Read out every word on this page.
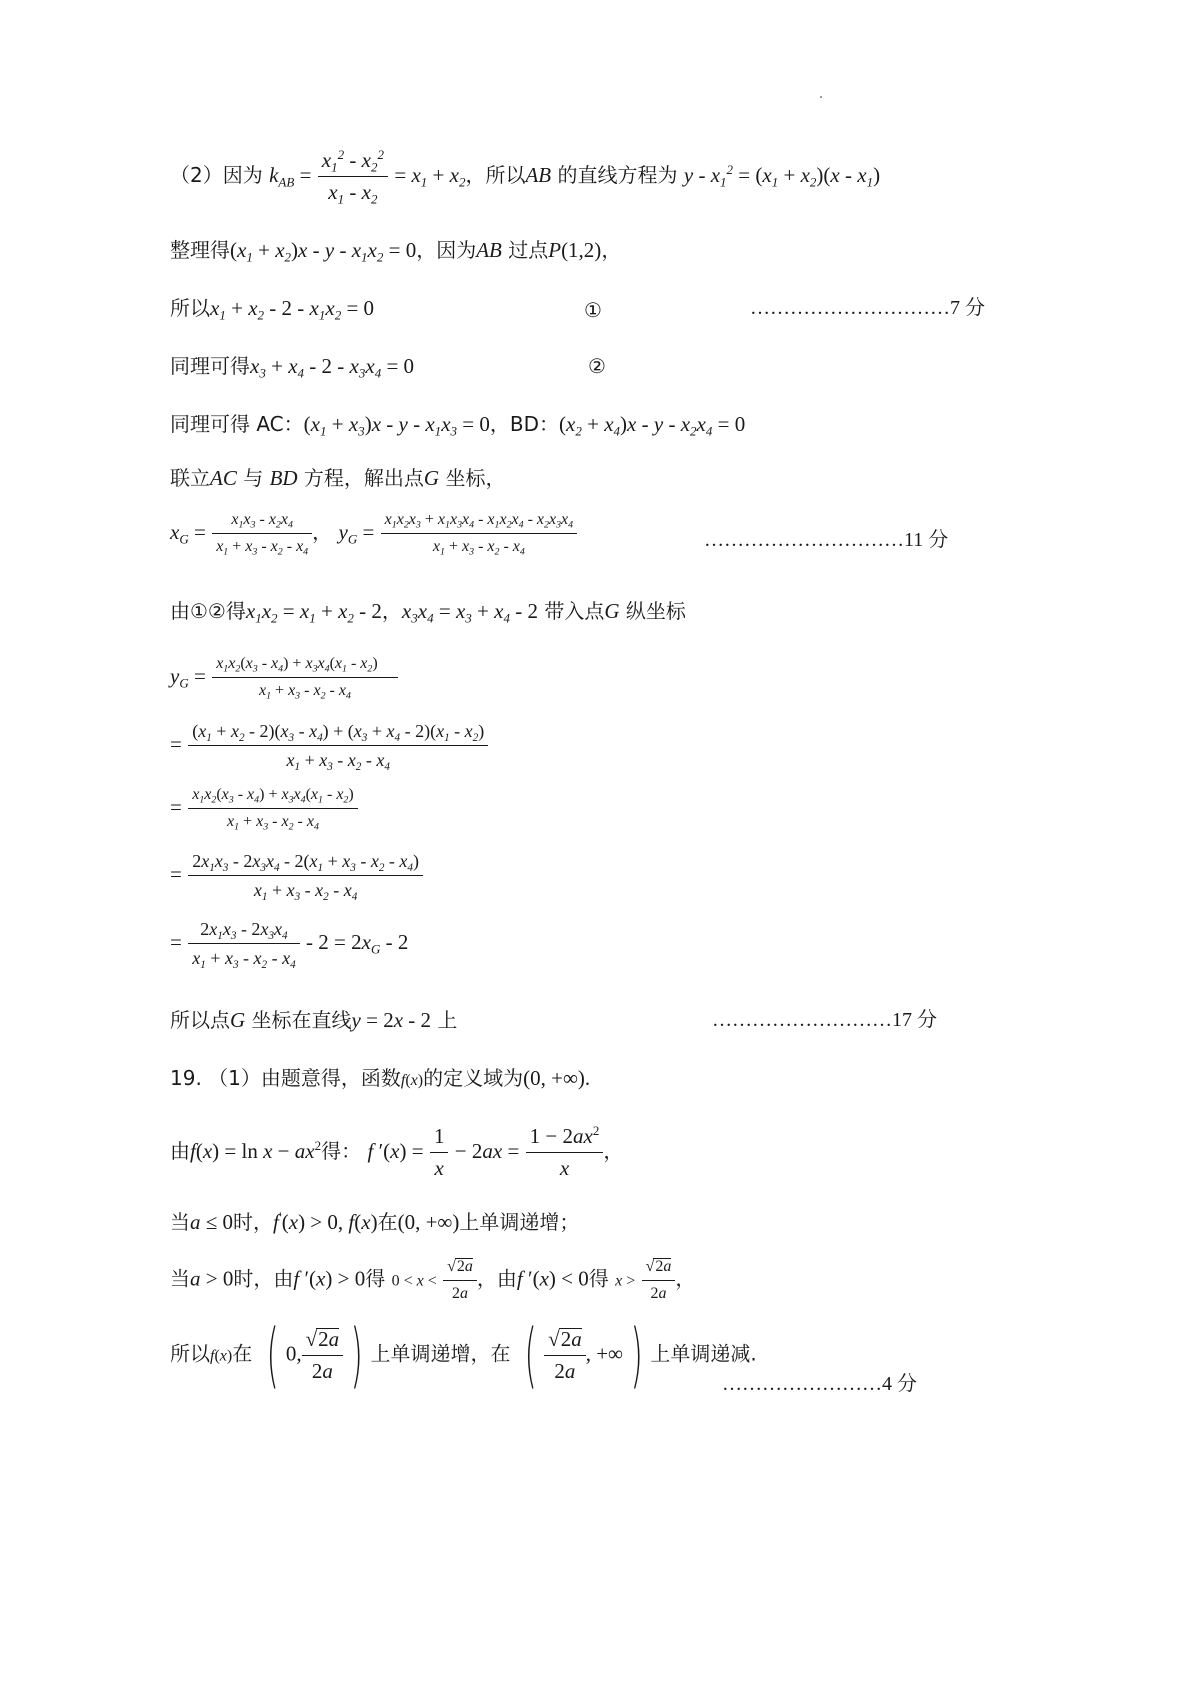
（2）因为 $k_{AB} = \frac{x_1^2 - x_2^2}{x_1 - x_2} = x_1 + x_2$，所以AB 的直线方程为 $y - x_1^2 = (x_1 + x_2)(x - x_1)$
整理得$(x_1 + x_2)x - y - x_1x_2 = 0$，因为AB 过点P(1,2)，
所以$x_1 + x_2 - 2 - x_1x_2 = 0$	①	…………………………7 分
同理可得$x_3 + x_4 - 2 - x_3x_4 = 0$	②
同理可得 AC：$(x_1 + x_3)x - y - x_1x_3 = 0$，BD：$(x_2 + x_4)x - y - x_2x_4 = 0$
联立AC 与 BD 方程，解出点G 坐标，
$x_G = \frac{x_1x_3 - x_2x_4}{x_1 + x_3 - x_2 - x_4}$ ， $y_G = \frac{x_1x_2x_3 + x_1x_3x_4 - x_1x_2x_4 - x_2x_3x_4}{x_1 + x_3 - x_2 - x_4}$	…………………………11 分
由①②得$x_1x_2 = x_1 + x_2 - 2$，$x_3x_4 = x_3 + x_4 - 2$ 带入点G 纵坐标
$y_G = \frac{x_1x_2(x_3 - x_4) + x_3x_4(x_1 - x_2)}{x_1 + x_3 - x_2 - x_4}$
= $\frac{(x_1 + x_2 - 2)(x_3 - x_4) + (x_3 + x_4 - 2)(x_1 - x_2)}{x_1 + x_3 - x_2 - x_4}$
= $\frac{x_1x_2(x_3 - x_4) + x_3x_4(x_1 - x_2)}{x_1 + x_3 - x_2 - x_4}$
= $\frac{2x_1x_3 - 2x_3x_4 - 2(x_1 + x_3 - x_2 - x_4)}{x_1 + x_3 - x_2 - x_4}$
= $\frac{2x_1x_3 - 2x_3x_4}{x_1 + x_3 - x_2 - x_4} - 2 = 2x_G - 2$
所以点G 坐标在直线y = 2x - 2 上	………………………17 分
19. （1）由题意得，函数f(x)的定义域为(0, +∞).
由$f(x) = \ln x - ax^2$得： f $'(x) = \frac{1}{x} - 2ax = \frac{1 - 2ax^2}{x}$ ，
当a ≤ 0时，f′(x) > 0, f(x)在(0, +∞)上单调递增；
当a > 0时，由f ′(x) > 0得 $0 < x < \frac{√2a}{2a}$ ，由f ′(x) < 0得 $x > \frac{√2a}{2a}$ ，
所以f(x)在 ( 0, $\frac{√2a}{2a}$ ) 上单调递增，在 ( $\frac{√2a}{2a}$ , +∞ ) 上单调递减.
……………………4 分
